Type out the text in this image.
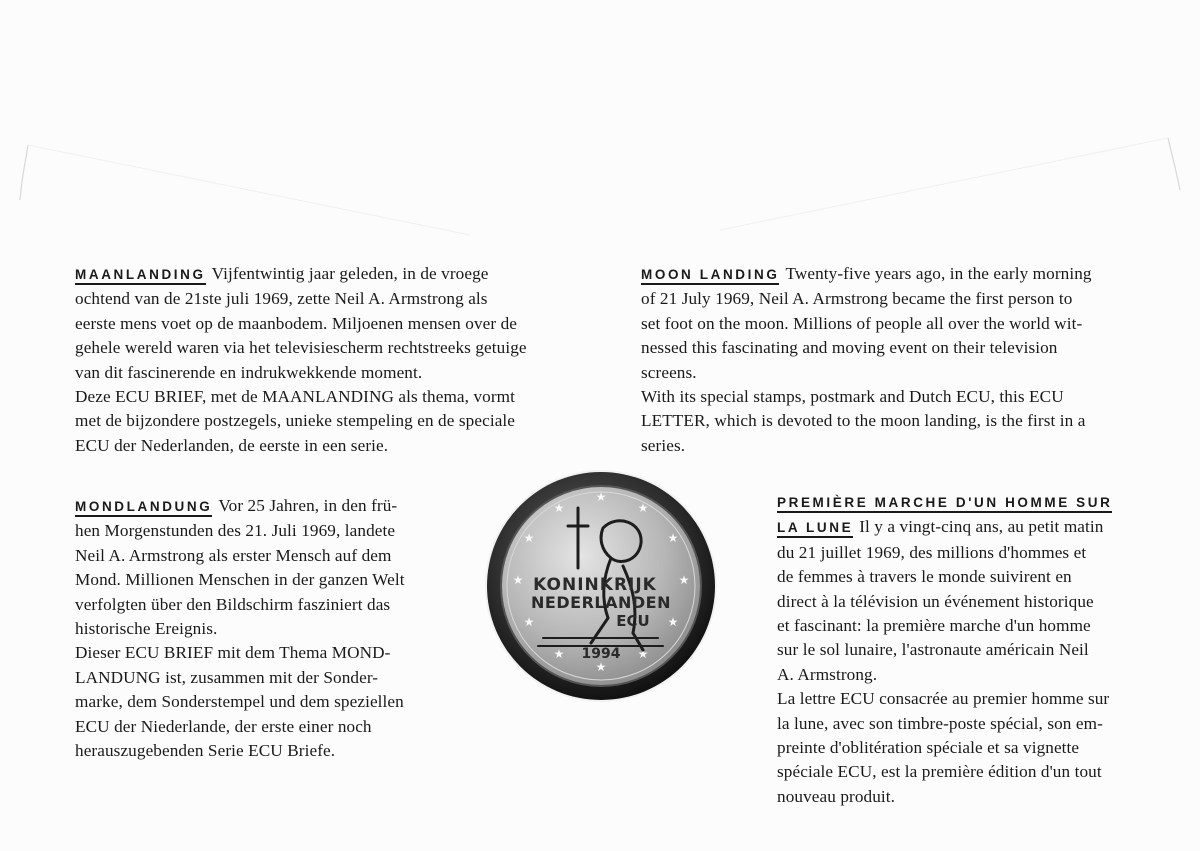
MAANLANDING Vijfentwintig jaar geleden, in de vroege
ochtend van de 21ste juli 1969, zette Neil A. Armstrong als
eerste mens voet op de maanbodem. Miljoenen mensen over de
gehele wereld waren via het televisiescherm rechtstreeks getuige
van dit fascinerende en indrukwekkende moment.
Deze ECU BRIEF, met de MAANLANDING als thema, vormt
met de bijzondere postzegels, unieke stempeling en de speciale
ECU der Nederlanden, de eerste in een serie.
MOON LANDING Twenty-five years ago, in the early morning
of 21 July 1969, Neil A. Armstrong became the first person to
set foot on the moon. Millions of people all over the world wit-
nessed this fascinating and moving event on their television
screens.
With its special stamps, postmark and Dutch ECU, this ECU
LETTER, which is devoted to the moon landing, is the first in a
series.
MONDLANDUNG Vor 25 Jahren, in den frü-
hen Morgenstunden des 21. Juli 1969, landete
Neil A. Armstrong als erster Mensch auf dem
Mond. Millionen Menschen in der ganzen Welt
verfolgten über den Bildschirm fasziniert das
historische Ereignis.
Dieser ECU BRIEF mit dem Thema MOND-
LANDUNG ist, zusammen mit der Sonder-
marke, dem Sonderstempel und dem speziellen
ECU der Niederlande, der erste einer noch
herauszugebenden Serie ECU Briefe.
PREMIÈRE MARCHE D'UN HOMME SUR
LA LUNE Il y a vingt-cinq ans, au petit matin
du 21 juillet 1969, des millions d'hommes et
de femmes à travers le monde suivirent en
direct à la télévision un événement historique
et fascinant: la première marche d'un homme
sur le sol lunaire, l'astronaute américain Neil
A. Armstrong.
La lettre ECU consacrée au premier homme sur
la lune, avec son timbre-poste spécial, son em-
preinte d'oblitération spéciale et sa vignette
spéciale ECU, est la première édition d'un tout
nouveau produit.
★
★
★
★
★
★
★
★
★
★
★
★
KONINKRIJK
NEDERLANDEN
ECU
1994
